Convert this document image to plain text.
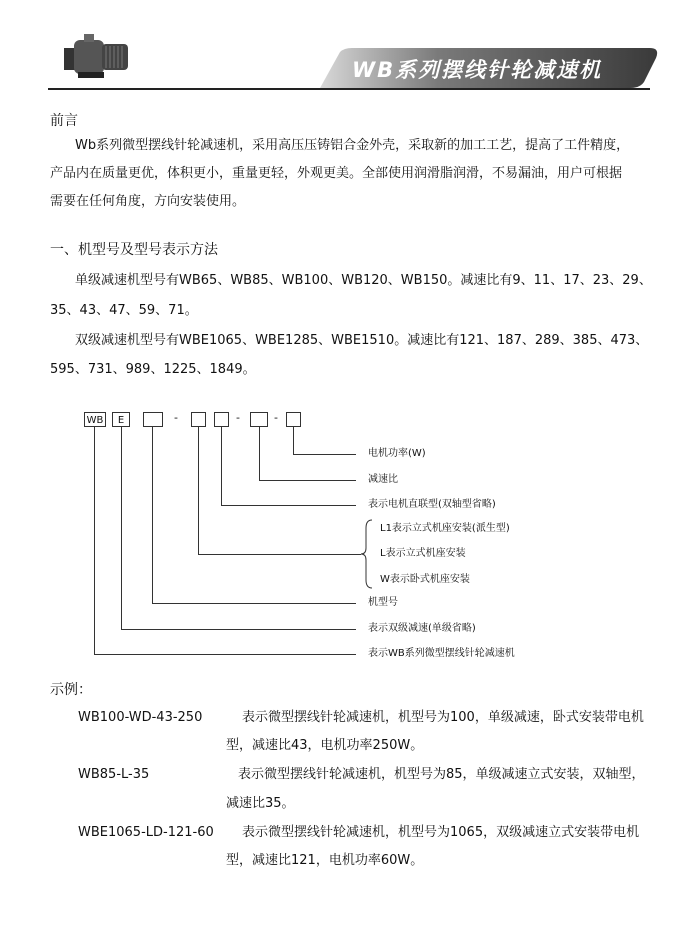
WB系列摆线针轮减速机
前言
Wb系列微型摆线针轮减速机，采用高压压铸铝合金外壳，采取新的加工工艺，提高了工件精度，
产品内在质量更优，体积更小，重量更轻，外观更美。全部使用润滑脂润滑，不易漏油，用户可根据
需要在任何角度，方向安装使用。
一、机型号及型号表示方法
单级减速机型号有WB65、WB85、WB100、WB120、WB150。减速比有9、11、17、23、29、
35、43、47、59、71。
双级减速机型号有WBE1065、WBE1285、WBE1510。减速比有121、187、289、385、473、
595、731、989、1225、1849。
WB	E	-	-	-
电机功率(W)
减速比
表示电机直联型(双轴型省略)
L1表示立式机座安装(派生型)
L表示立式机座安装
W表示卧式机座安装
机型号
表示双级减速(单级省略)
表示WB系列微型摆线针轮减速机
示例：
WB100-WD-43-250	表示微型摆线针轮减速机，机型号为100，单级减速，卧式安装带电机
型，减速比43，电机功率250W。
WB85-L-35	表示微型摆线针轮减速机，机型号为85，单级减速立式安装，双轴型，
减速比35。
WBE1065-LD-121-60 表示微型摆线针轮减速机，机型号为1065，双级减速立式安装带电机
型，减速比121，电机功率60W。
